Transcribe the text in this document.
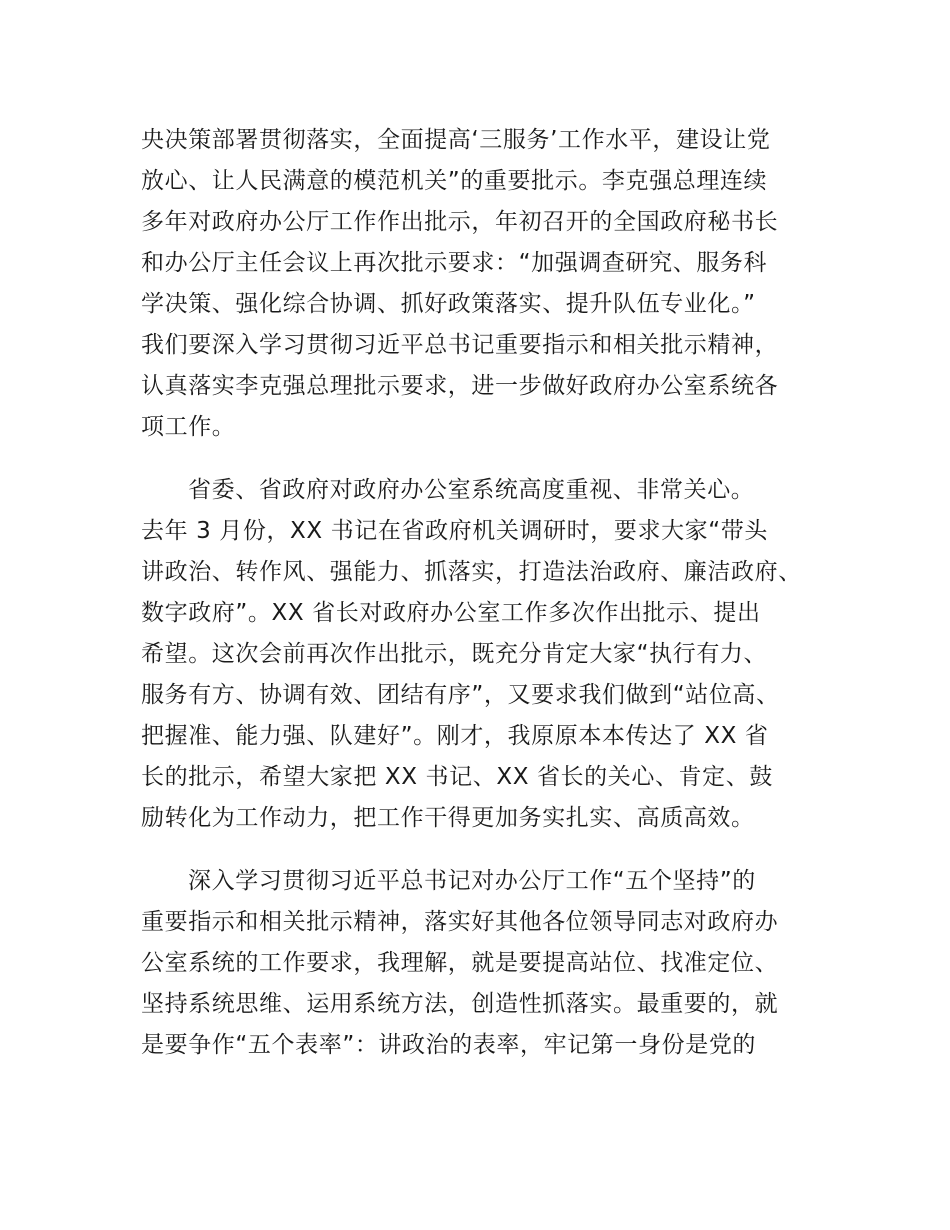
央决策部署贯彻落实，全面提高‘三服务’工作水平，建设让党
放心、让人民满意的模范机关”的重要批示。李克强总理连续
多年对政府办公厅工作作出批示，年初召开的全国政府秘书长
和办公厅主任会议上再次批示要求：“加强调查研究、服务科
学决策、强化综合协调、抓好政策落实、提升队伍专业化。”
我们要深入学习贯彻习近平总书记重要指示和相关批示精神，
认真落实李克强总理批示要求，进一步做好政府办公室系统各
项工作。
省委、省政府对政府办公室系统高度重视、非常关心。
去年 3 月份，XX 书记在省政府机关调研时，要求大家“带头
讲政治、转作风、强能力、抓落实，打造法治政府、廉洁政府、
数字政府”。XX 省长对政府办公室工作多次作出批示、提出
希望。这次会前再次作出批示，既充分肯定大家“执行有力、
服务有方、协调有效、团结有序”，又要求我们做到“站位高、
把握准、能力强、队建好”。刚才，我原原本本传达了 XX 省
长的批示，希望大家把 XX 书记、XX 省长的关心、肯定、鼓
励转化为工作动力，把工作干得更加务实扎实、高质高效。
深入学习贯彻习近平总书记对办公厅工作“五个坚持”的
重要指示和相关批示精神，落实好其他各位领导同志对政府办
公室系统的工作要求，我理解，就是要提高站位、找准定位、
坚持系统思维、运用系统方法，创造性抓落实。最重要的，就
是要争作“五个表率”：讲政治的表率，牢记第一身份是党的
